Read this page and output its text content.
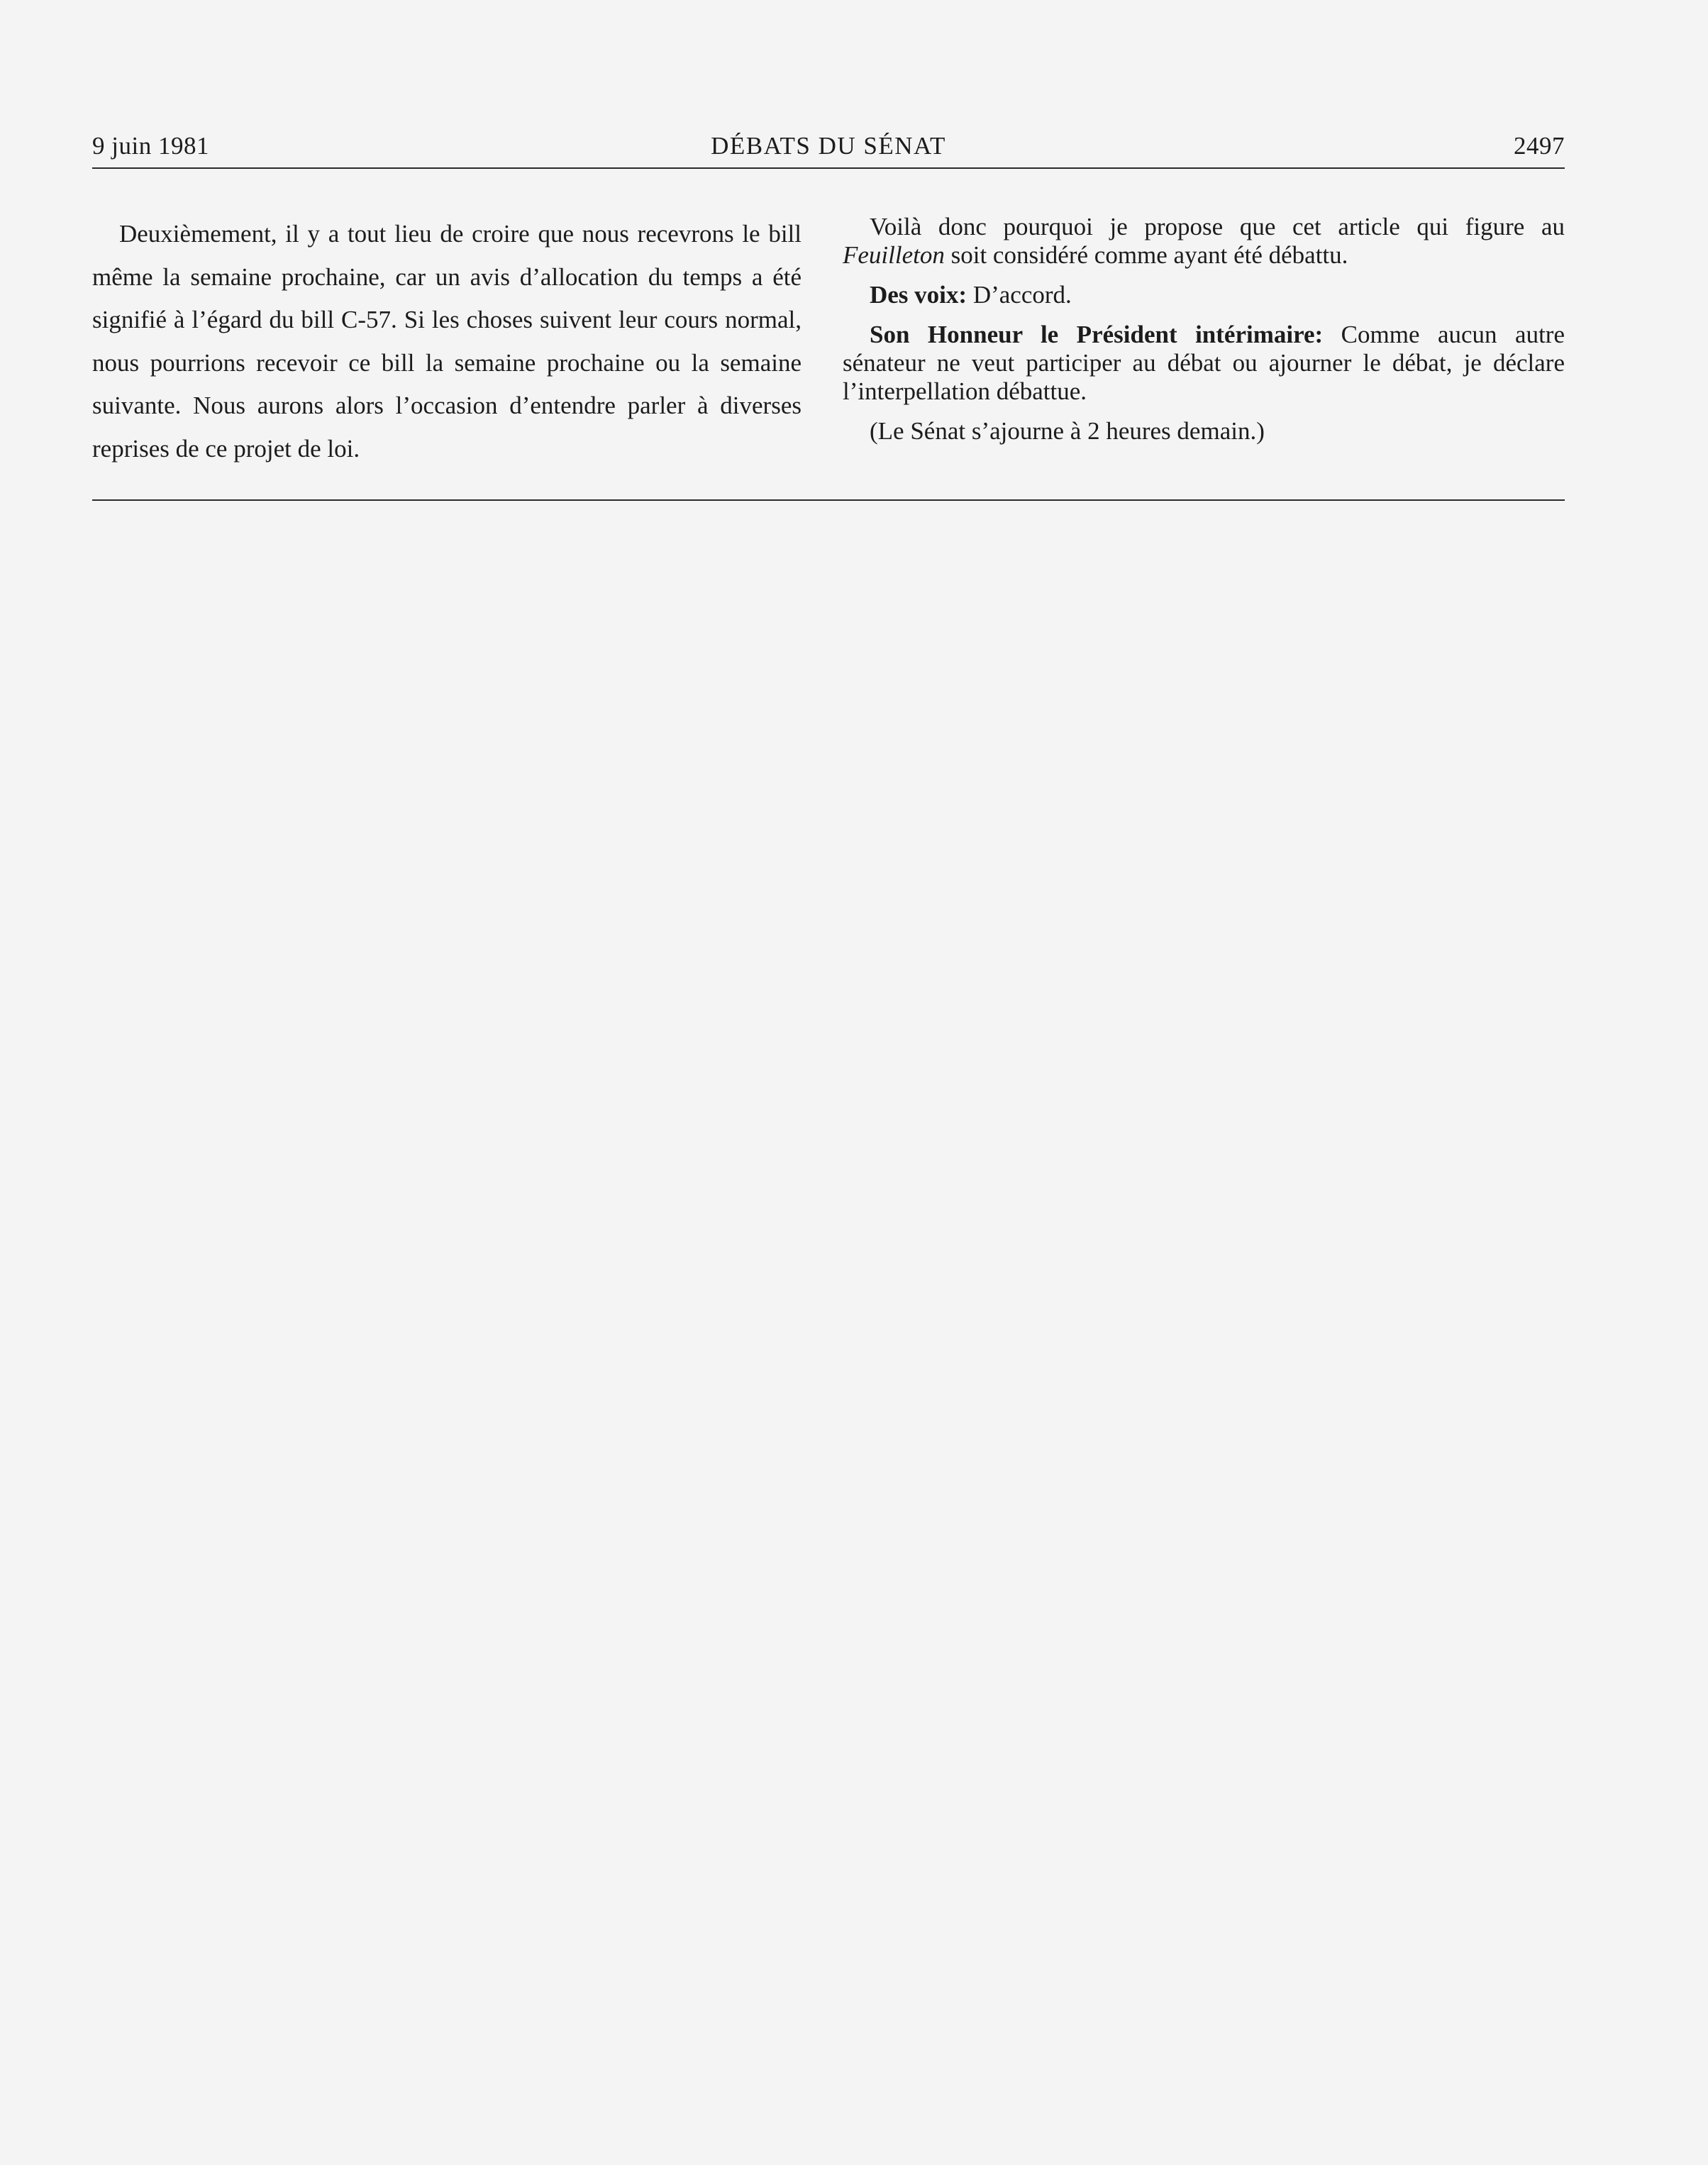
9 juin 1981	DÉBATS DU SÉNAT	2497

Deuxièmement, il y a tout lieu de croire que nous recevrons le bill même la semaine prochaine, car un avis d’allocation du temps a été signifié à l’égard du bill C-57. Si les choses suivent leur cours normal, nous pourrions recevoir ce bill la semaine prochaine ou la semaine suivante. Nous aurons alors l’occasion d’entendre parler à diverses reprises de ce projet de loi.

Voilà donc pourquoi je propose que cet article qui figure au Feuilleton soit considéré comme ayant été débattu.

Des voix: D’accord.

Son Honneur le Président intérimaire: Comme aucun autre sénateur ne veut participer au débat ou ajourner le débat, je déclare l’interpellation débattue.

(Le Sénat s’ajourne à 2 heures demain.)
